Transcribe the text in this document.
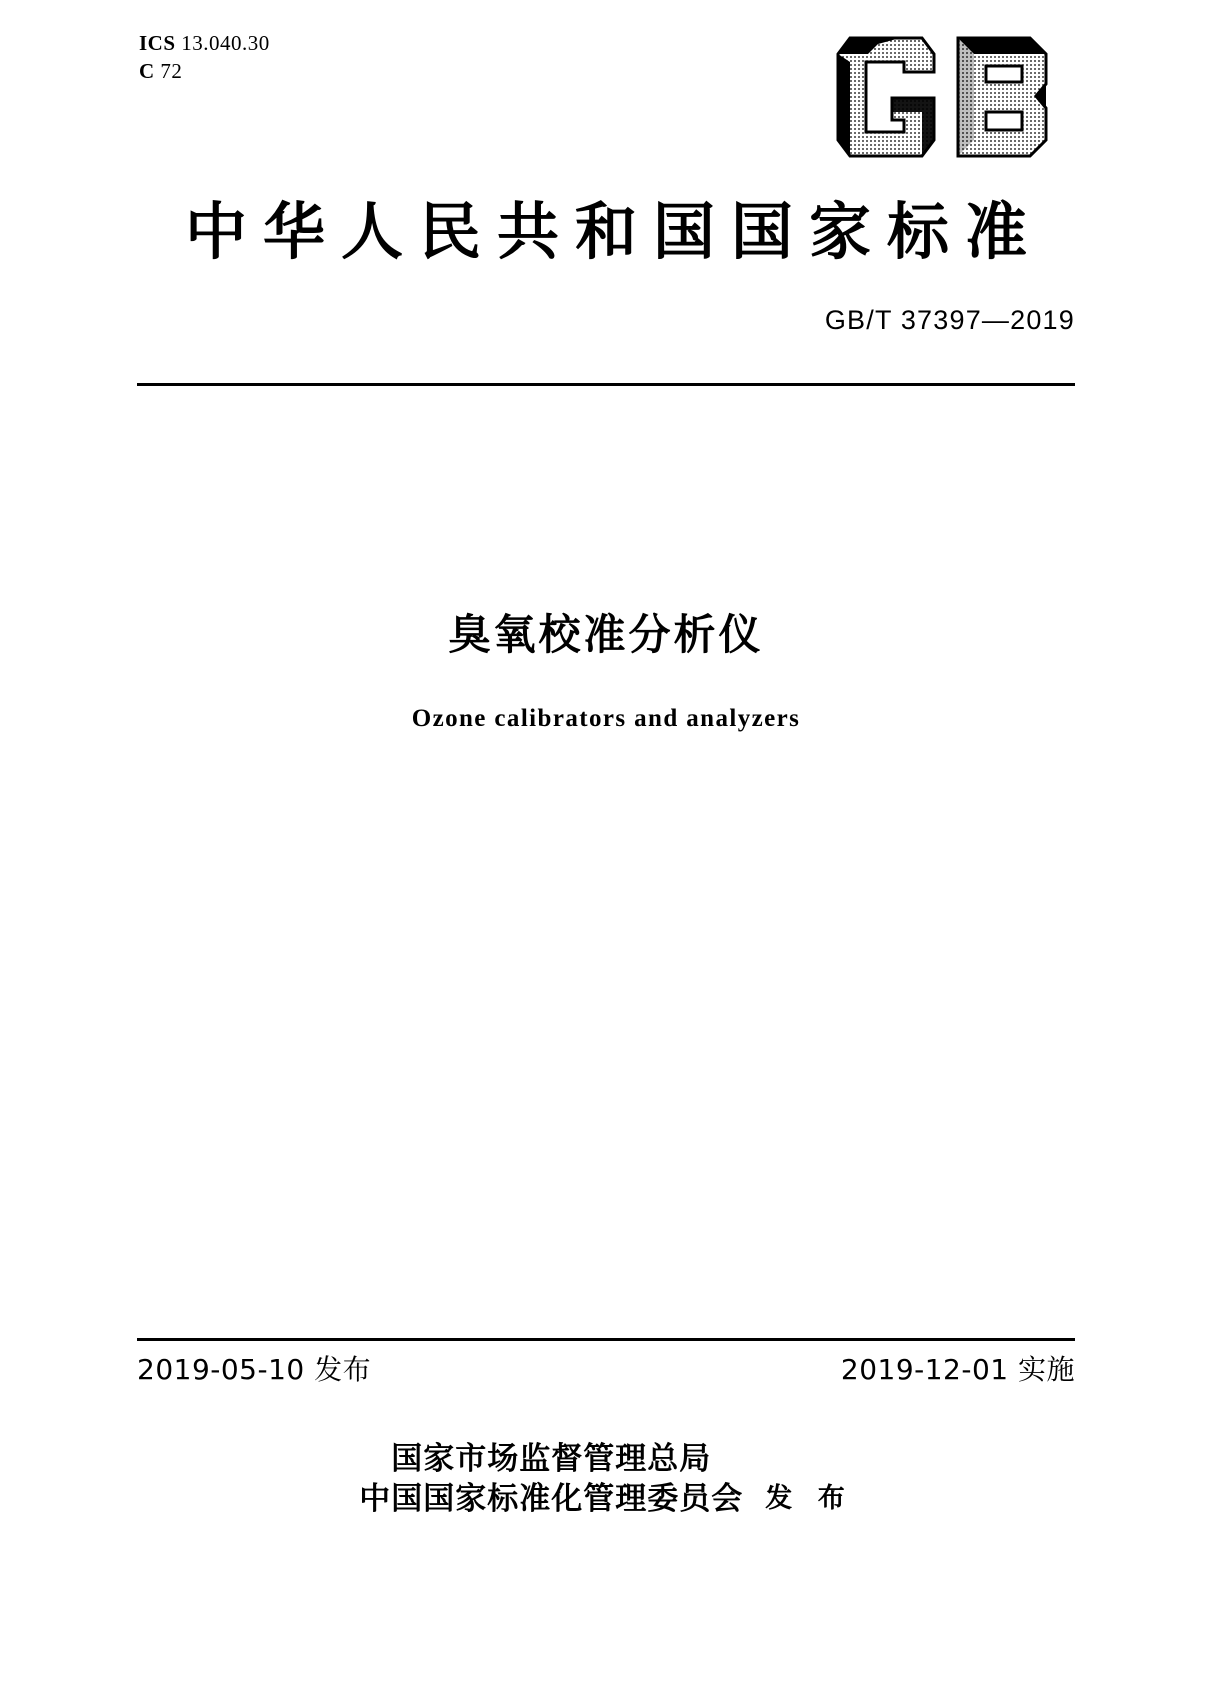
ICS 13.040.30
C 72
中华人民共和国国家标准
GB/T 37397—2019
臭氧校准分析仪
Ozone calibrators and analyzers
2019-05-10 发布	2019-12-01 实施
国家市场监督管理总局
中国国家标准化管理委员会 发 布
